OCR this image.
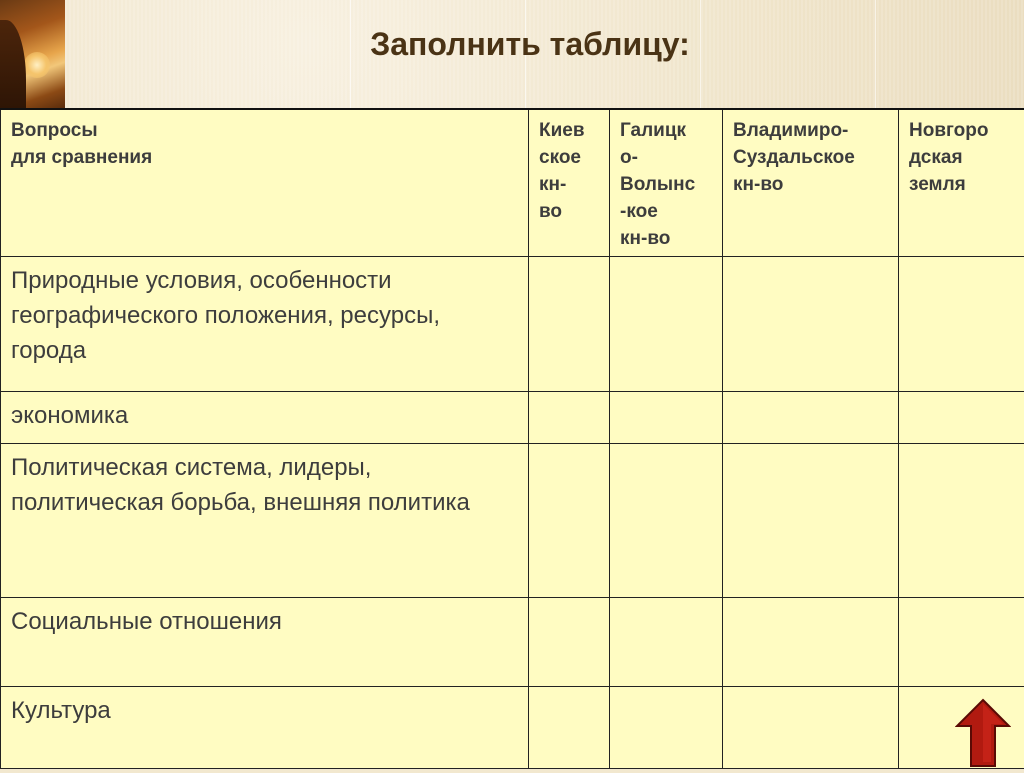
Заполнить таблицу:
Вопросы
для сравнения	Киев
ское
кн-
во	Галицк
о-
Волынс
-кое
кн-во	Владимиро-
Суздальское
кн-во	Новгоро
дская
земля

Природные условия, особенности географического положения, ресурсы, города				

экономика				

Политическая система, лидеры, политическая борьба, внешняя политика				

Социальные отношения				

Культура				
